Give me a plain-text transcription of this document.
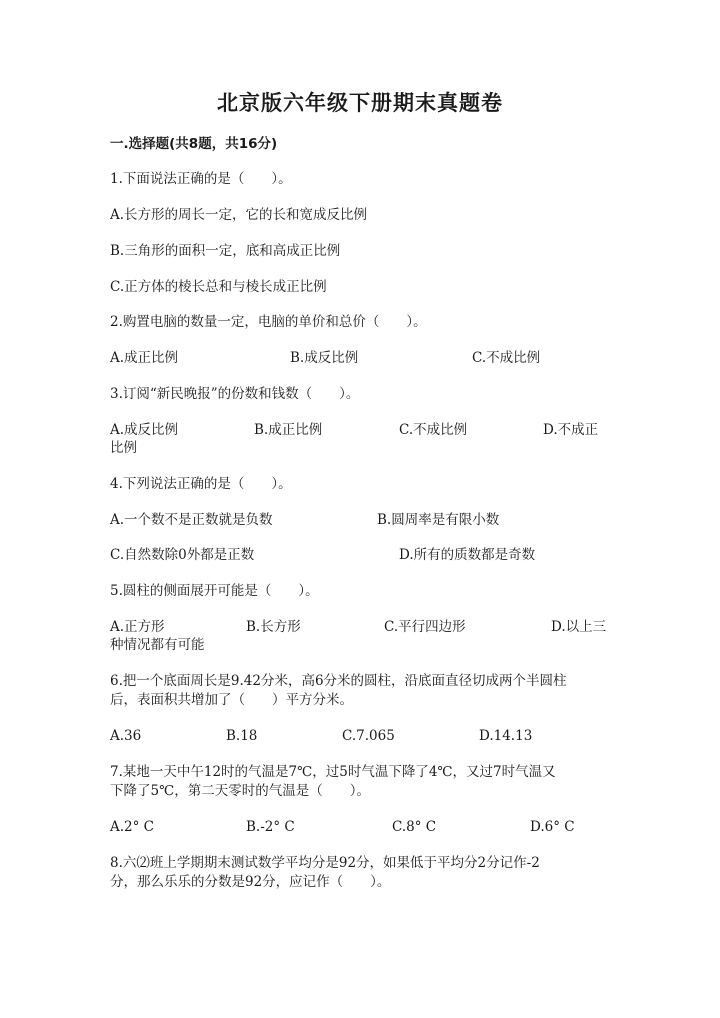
北京版六年级下册期末真题卷
一.选择题(共8题，共16分)
1.下面说法正确的是（　　）。
A.长方形的周长一定，它的长和宽成反比例
B.三角形的面积一定，底和高成正比例
C.正方体的棱长总和与棱长成正比例
2.购置电脑的数量一定，电脑的单价和总价（　　）。
A.成正比例	B.成反比例	C.不成比例
3.订阅“新民晚报”的份数和钱数（　　）。
A.成反比例	B.成正比例	C.不成比例	D.不成正
比例
4.下列说法正确的是（　　）。
A.一个数不是正数就是负数	B.圆周率是有限小数
C.自然数除0外都是正数	D.所有的质数都是奇数
5.圆柱的侧面展开可能是（　　）。
A.正方形	B.长方形	C.平行四边形	D.以上三
种情况都有可能
6.把一个底面周长是9.42分米，高6分米的圆柱，沿底面直径切成两个半圆柱
后，表面积共增加了（　　）平方分米。
A.36	B.18	C.7.065	D.14.13
7.某地一天中午12时的气温是7℃，过5时气温下降了4℃，又过7时气温又
下降了5℃，第二天零时的气温是（　　）。
A.2° C	B.-2° C	C.8° C	D.6° C
8.六⑵班上学期期末测试数学平均分是92分，如果低于平均分2分记作-2
分，那么乐乐的分数是92分，应记作（　　）。
